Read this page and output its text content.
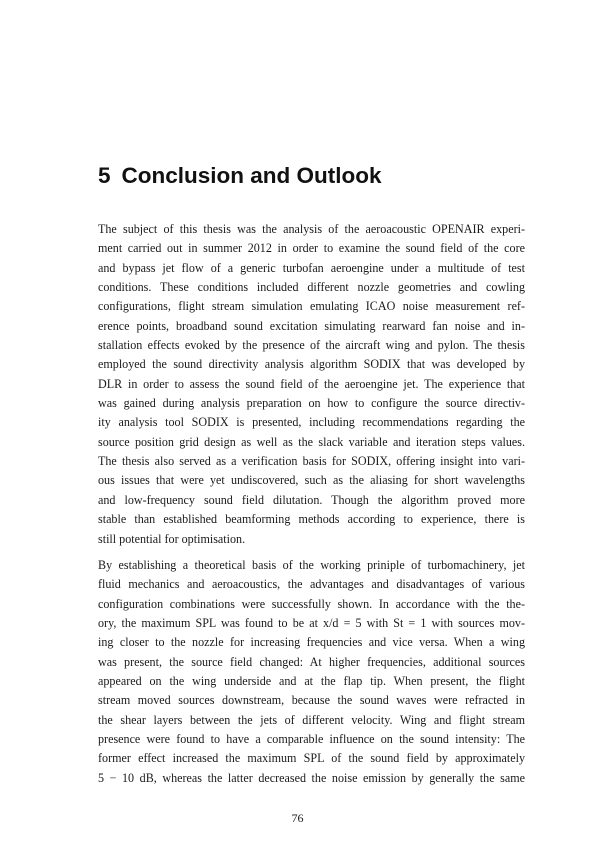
5 Conclusion and Outlook

The subject of this thesis was the analysis of the aeroacoustic OPENAIR experi-
ment carried out in summer 2012 in order to examine the sound field of the core
and bypass jet flow of a generic turbofan aeroengine under a multitude of test
conditions. These conditions included different nozzle geometries and cowling
configurations, flight stream simulation emulating ICAO noise measurement ref-
erence points, broadband sound excitation simulating rearward fan noise and in-
stallation effects evoked by the presence of the aircraft wing and pylon. The thesis
employed the sound directivity analysis algorithm SODIX that was developed by
DLR in order to assess the sound field of the aeroengine jet. The experience that
was gained during analysis preparation on how to configure the source directiv-
ity analysis tool SODIX is presented, including recommendations regarding the
source position grid design as well as the slack variable and iteration steps values.
The thesis also served as a verification basis for SODIX, offering insight into vari-
ous issues that were yet undiscovered, such as the aliasing for short wavelengths
and low-frequency sound field dilutation. Though the algorithm proved more
stable than established beamforming methods according to experience, there is
still potential for optimisation.

By establishing a theoretical basis of the working priniple of turbomachinery, jet
fluid mechanics and aeroacoustics, the advantages and disadvantages of various
configuration combinations were successfully shown. In accordance with the the-
ory, the maximum SPL was found to be at x/d = 5 with St = 1 with sources mov-
ing closer to the nozzle for increasing frequencies and vice versa. When a wing
was present, the source field changed: At higher frequencies, additional sources
appeared on the wing underside and at the flap tip. When present, the flight
stream moved sources downstream, because the sound waves were refracted in
the shear layers between the jets of different velocity. Wing and flight stream
presence were found to have a comparable influence on the sound intensity: The
former effect increased the maximum SPL of the sound field by approximately
5 − 10 dB, whereas the latter decreased the noise emission by generally the same

76
